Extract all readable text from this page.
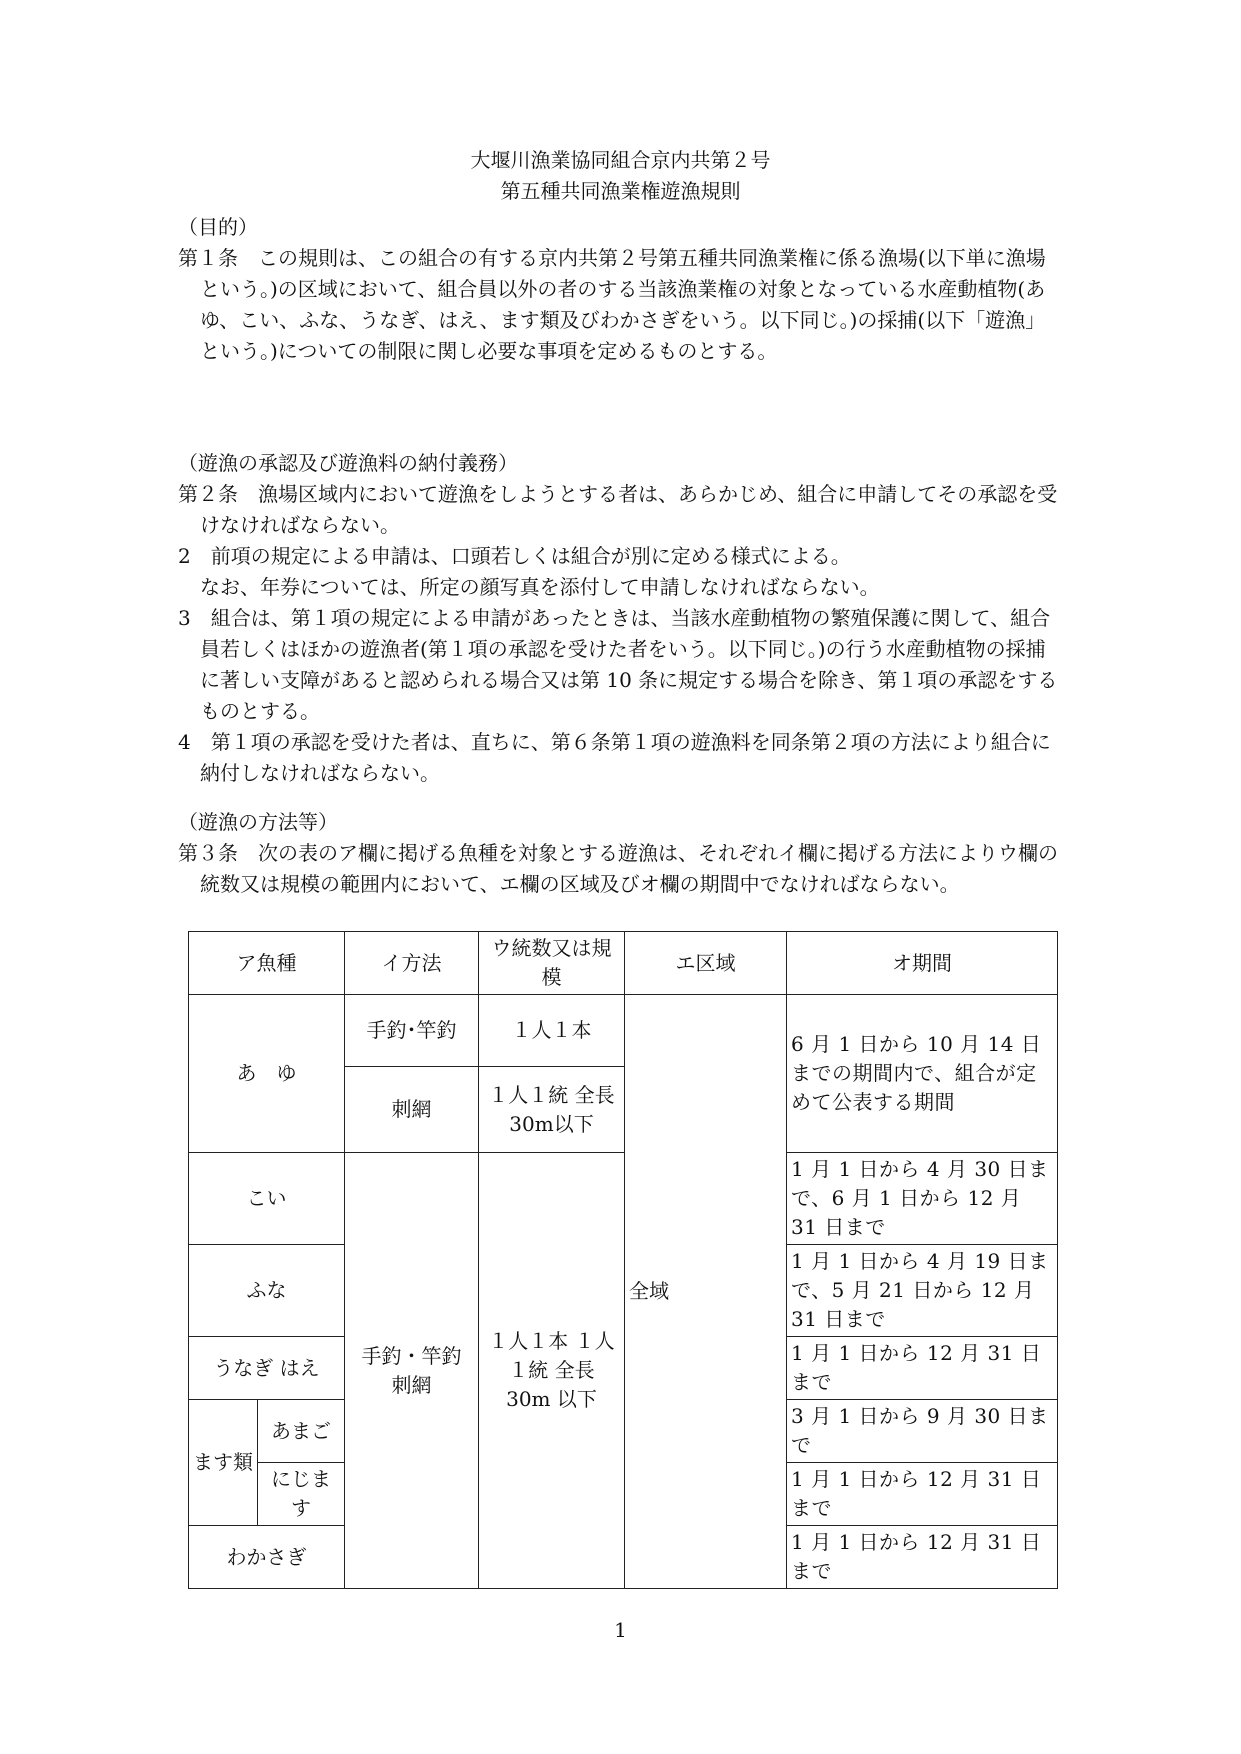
大堰川漁業協同組合京内共第２号
第五種共同漁業権遊漁規則
（目的）
第１条　この規則は、この組合の有する京内共第２号第五種共同漁業権に係る漁場(以下単に漁場という。)の区域において、組合員以外の者のする当該漁業権の対象となっている水産動植物(あゆ、こい、ふな、うなぎ、はえ、ます類及びわかさぎをいう。以下同じ。)の採捕(以下「遊漁」という。)についての制限に関し必要な事項を定めるものとする。
（遊漁の承認及び遊漁料の納付義務）
第２条　漁場区域内において遊漁をしようとする者は、あらかじめ、組合に申請してその承認を受けなければならない。
2　前項の規定による申請は、口頭若しくは組合が別に定める様式による。
なお、年券については、所定の顔写真を添付して申請しなければならない。
3　組合は、第１項の規定による申請があったときは、当該水産動植物の繁殖保護に関して、組合員若しくはほかの遊漁者(第１項の承認を受けた者をいう。以下同じ。)の行う水産動植物の採捕に著しい支障があると認められる場合又は第 10 条に規定する場合を除き、第１項の承認をするものとする。
4　第１項の承認を受けた者は、直ちに、第６条第１項の遊漁料を同条第２項の方法により組合に納付しなければならない。
（遊漁の方法等）
第３条　次の表のア欄に掲げる魚種を対象とする遊漁は、それぞれイ欄に掲げる方法によりウ欄の統数又は規模の範囲内において、エ欄の区域及びオ欄の期間中でなければならない。
ア魚種		イ方法	ウ統数又は規模	エ区域	オ期間
あ　ゆ		手釣･竿釣	１人１本	全域	6 月 1 日から 10 月 14 日までの期間内で、組合が定めて公表する期間
		刺網	１人１統 全長 30m以下		
こい		手釣・竿釣 刺網	１人１本 １人１統 全長 30m 以下		1 月 1 日から 4 月 30 日まで、6 月 1 日から 12 月 31 日まで
ふな					1 月 1 日から 4 月 19 日まで、5 月 21 日から 12 月 31 日まで
うなぎ はえ					1 月 1 日から 12 月 31 日まで
ます類	あまご				3 月 1 日から 9 月 30 日まで
	にじます				1 月 1 日から 12 月 31 日まで
わかさぎ					1 月 1 日から 12 月 31 日まで
1
